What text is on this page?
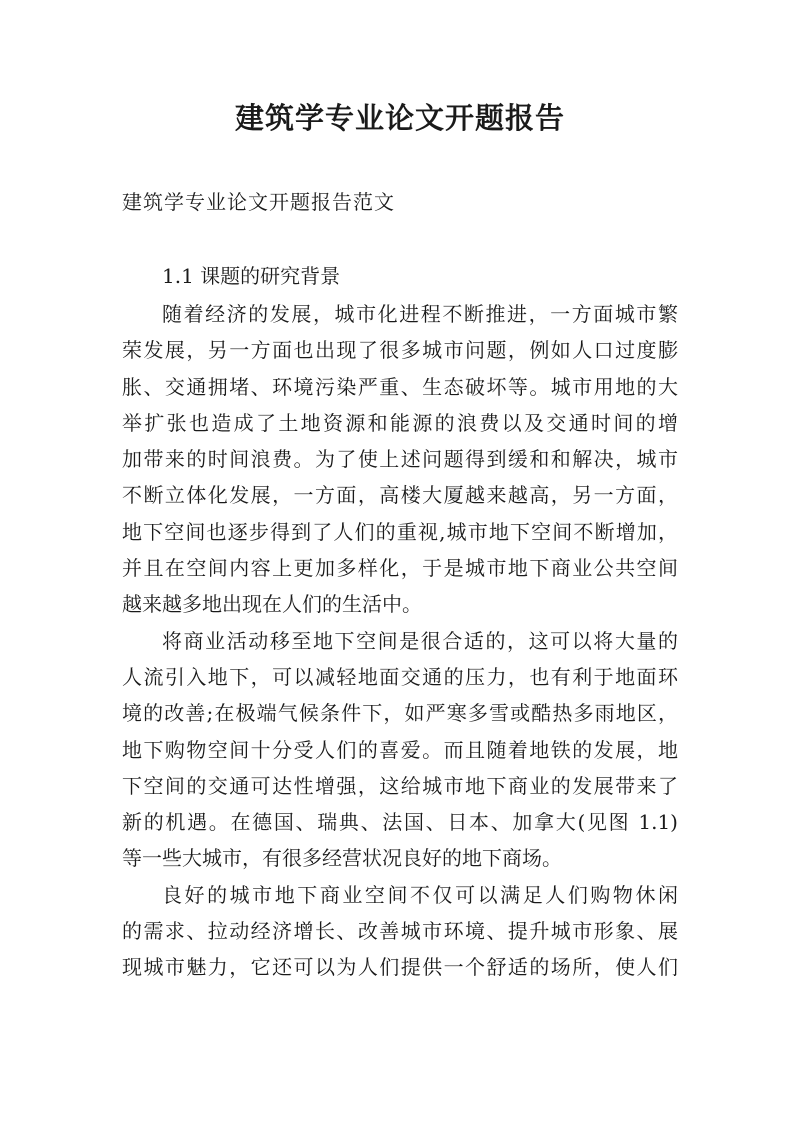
建筑学专业论文开题报告

建筑学专业论文开题报告范文

1.1 课题的研究背景

随着经济的发展，城市化进程不断推进，一方面城市繁
荣发展，另一方面也出现了很多城市问题，例如人口过度膨
胀、交通拥堵、环境污染严重、生态破坏等。城市用地的大
举扩张也造成了土地资源和能源的浪费以及交通时间的增
加带来的时间浪费。为了使上述问题得到缓和和解决，城市
不断立体化发展，一方面，高楼大厦越来越高，另一方面，
地下空间也逐步得到了人们的重视,城市地下空间不断增加，
并且在空间内容上更加多样化，于是城市地下商业公共空间
越来越多地出现在人们的生活中。
将商业活动移至地下空间是很合适的，这可以将大量的
人流引入地下，可以减轻地面交通的压力，也有利于地面环
境的改善;在极端气候条件下，如严寒多雪或酷热多雨地区，
地下购物空间十分受人们的喜爱。而且随着地铁的发展，地
下空间的交通可达性增强，这给城市地下商业的发展带来了
新的机遇。在德国、瑞典、法国、日本、加拿大(见图 1.1)
等一些大城市，有很多经营状况良好的地下商场。
良好的城市地下商业空间不仅可以满足人们购物休闲
的需求、拉动经济增长、改善城市环境、提升城市形象、展
现城市魅力，它还可以为人们提供一个舒适的场所，使人们
